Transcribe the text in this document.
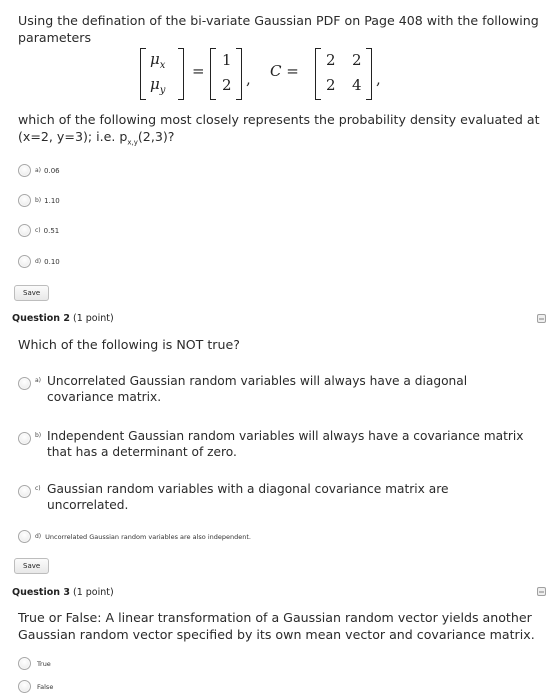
Using the defination of the bi-variate Gaussian PDF on Page 408 with the following parameters
$\mu_x$
$\mu_y$
=
1
2 , C =
2 2
2 4 ,
which of the following most closely represents the probability density evaluated at
(x=2, y=3); i.e. $p_{x,y}(2,3)$?
a) 0.06
b) 1.10
c) 0.51
d) 0.10
Save
Question 2 (1 point)
Which of the following is NOT true?
a) Uncorrelated Gaussian random variables will always have a diagonal covariance matrix.
b) Independent Gaussian random variables will always have a covariance matrix that has a determinant of zero.
c) Gaussian random variables with a diagonal covariance matrix are uncorrelated.
d) Uncorrelated Gaussian random variables are also independent.
Save
Question 3 (1 point)
True or False: A linear transformation of a Gaussian random vector yields another Gaussian random vector specified by its own mean vector and covariance matrix.
True
False
